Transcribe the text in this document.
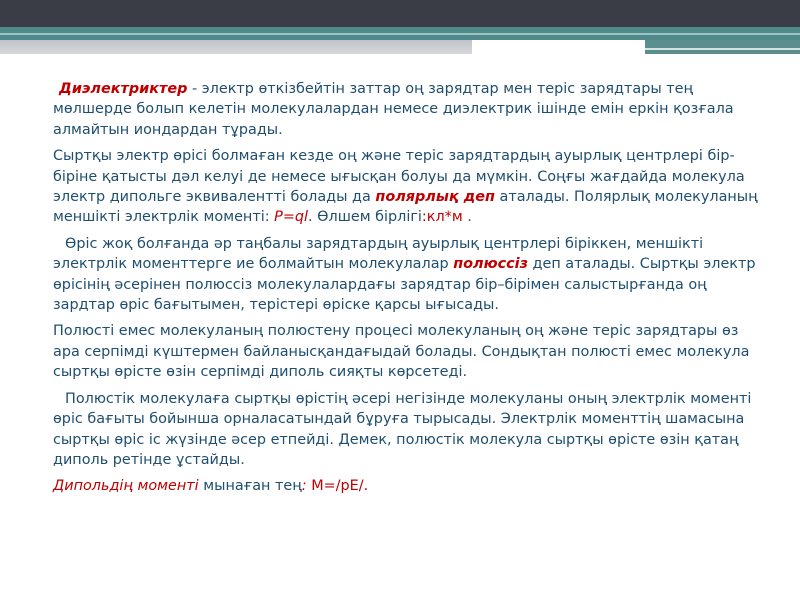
Диэлектриктер - электр өткізбейтін заттар оң зарядтар мен теріс зарядтары тең мөлшерде болып келетін молекулалардан немесе диэлектрик ішінде емін еркін қозғала алмайтын иондардан тұрады.

Сыртқы электр өрісі болмаған кезде оң және теріс зарядтардың ауырлық центрлері бір-біріне қатысты дәл келуі де немесе ығысқан болуы да мүмкін. Соңғы жағдайда молекула электр дипольге эквивалентті болады да полярлық деп аталады. Полярлық молекуланың меншікті электрлік моменті: P=ql. Өлшем бірлігі:кл*м .

Өріс жоқ болғанда әр таңбалы зарядтардың ауырлық центрлері біріккен, меншікті электрлік моменттерге ие болмайтын молекулалар полюссіз деп аталады. Сыртқы электр өрісінің әсерінен полюссіз молекулалардағы зарядтар бір–бірімен салыстырғанда оң зардтар өріс бағытымен, терістері өріске қарсы ығысады.

Полюсті емес молекуланың полюстену процесі молекуланың оң және теріс зарядтары өз ара серпімді күштермен байланысқандағыдай болады. Сондықтан полюсті емес молекула сыртқы өрісте өзін серпімді диполь сияқты көрсетеді.

Полюстік молекулаға сыртқы өрістің әсері негізінде молекуланы оның электрлік моменті өріс бағыты бойынша орналасатындай бұруға тырысады. Электрлік моменттің шамасына сыртқы өріс іс жүзінде әсер етпейді. Демек, полюстік молекула сыртқы өрісте өзін қатаң диполь ретінде ұстайды.

Дипольдің моменті мынаған тең: M=/pE/.
